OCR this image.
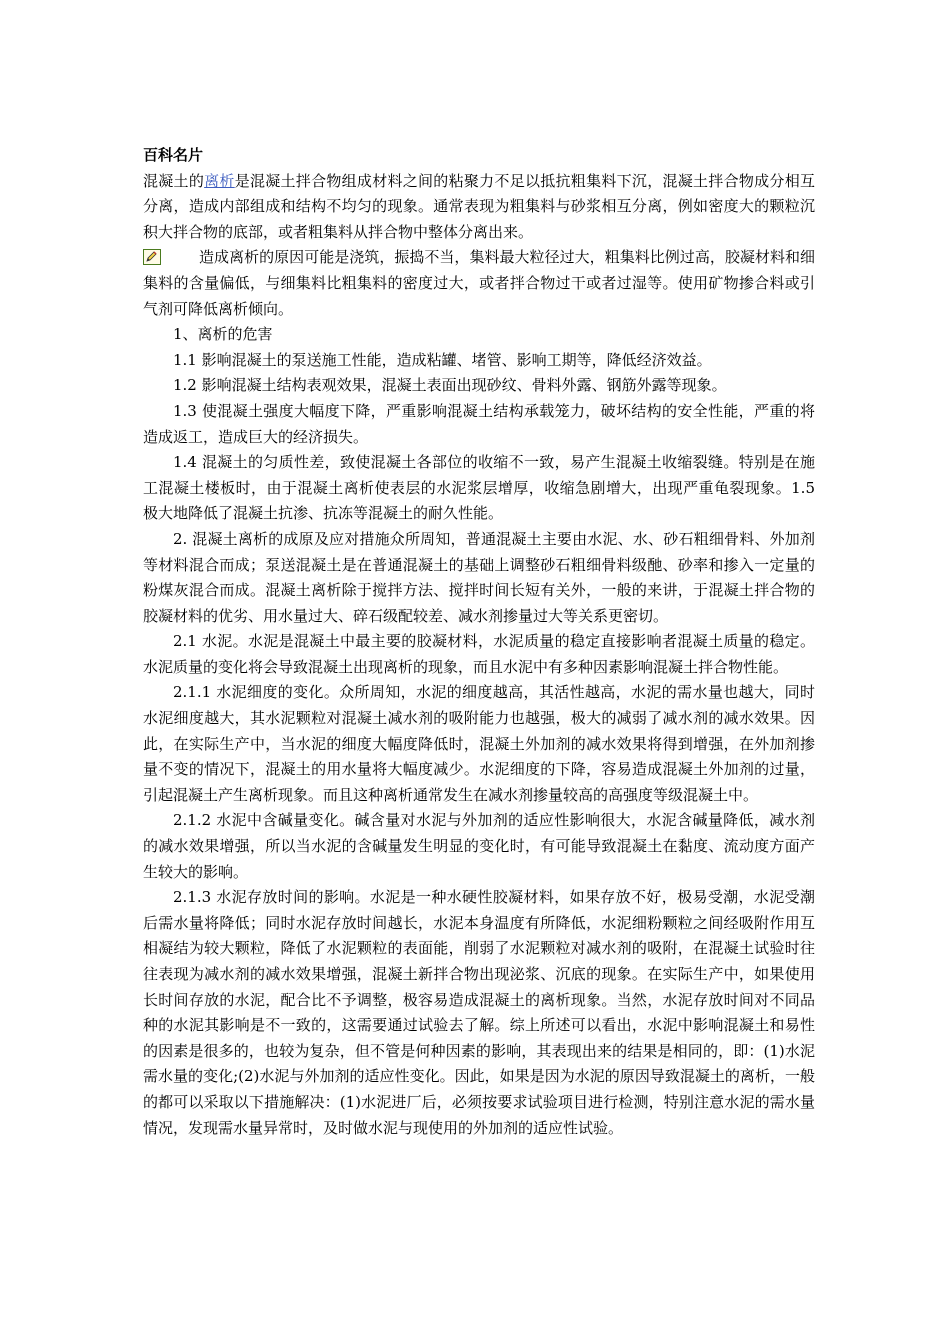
百科名片

混凝土的离析是混凝土拌合物组成材料之间的粘聚力不足以抵抗粗集料下沉，混凝土拌合物成分相互分离，造成内部组成和结构不均匀的现象。通常表现为粗集料与砂浆相互分离，例如密度大的颗粒沉积大拌合物的底部，或者粗集料从拌合物中整体分离出来。

造成离析的原因可能是浇筑，振捣不当，集料最大粒径过大，粗集料比例过高，胶凝材料和细集料的含量偏低，与细集料比粗集料的密度过大，或者拌合物过干或者过湿等。使用矿物掺合料或引气剂可降低离析倾向。

1、离析的危害

1.1 影响混凝土的泵送施工性能，造成粘罐、堵管、影响工期等，降低经济效益。

1.2 影响混凝土结构表观效果，混凝土表面出现砂纹、骨料外露、钢筋外露等现象。

1.3 使混凝土强度大幅度下降，严重影响混凝土结构承载笼力，破坏结构的安全性能，严重的将造成返工，造成巨大的经济损失。

1.4 混凝土的匀质性差，致使混凝土各部位的收缩不一致，易产生混凝土收缩裂缝。特别是在施工混凝土楼板时，由于混凝土离析使表层的水泥浆层增厚，收缩急剧增大，出现严重龟裂现象。1.5 极大地降低了混凝土抗渗、抗冻等混凝土的耐久性能。

2. 混凝土离析的成原及应对措施众所周知，普通混凝土主要由水泥、水、砂石粗细骨料、外加剂等材料混合而成；泵送混凝土是在普通混凝土的基础上调整砂石粗细骨料级酏、砂率和掺入一定量的粉煤灰混合而成。混凝土离析除于搅拌方法、搅拌时间长短有关外，一般的来讲，于混凝土拌合物的胶凝材料的优劣、用水量过大、碎石级配较差、减水剂掺量过大等关系更密切。

2.1 水泥。水泥是混凝土中最主要的胶凝材料，水泥质量的稳定直接影响者混凝土质量的稳定。水泥质量的变化将会导致混凝土出现离析的现象，而且水泥中有多种因素影响混凝土拌合物性能。

2.1.1 水泥细度的变化。众所周知，水泥的细度越高，其活性越高，水泥的需水量也越大，同时水泥细度越大，其水泥颗粒对混凝土减水剂的吸附能力也越强，极大的减弱了减水剂的减水效果。因此，在实际生产中，当水泥的细度大幅度降低时，混凝土外加剂的减水效果将得到增强，在外加剂掺量不变的情况下，混凝土的用水量将大幅度减少。水泥细度的下降，容易造成混凝土外加剂的过量，引起混凝土产生离析现象。而且这种离析通常发生在减水剂掺量较高的高强度等级混凝土中。

2.1.2 水泥中含碱量变化。碱含量对水泥与外加剂的适应性影响很大，水泥含碱量降低，减水剂的减水效果增强，所以当水泥的含碱量发生明显的变化时，有可能导致混凝土在黏度、流动度方面产生较大的影响。

2.1.3 水泥存放时间的影响。水泥是一种水硬性胶凝材料，如果存放不好，极易受潮，水泥受潮后需水量将降低；同时水泥存放时间越长，水泥本身温度有所降低，水泥细粉颗粒之间经吸附作用互相凝结为较大颗粒，降低了水泥颗粒的表面能，削弱了水泥颗粒对减水剂的吸附，在混凝土试验时往往表现为减水剂的减水效果增强，混凝土新拌合物出现泌浆、沉底的现象。在实际生产中，如果使用长时间存放的水泥，配合比不予调整，极容易造成混凝土的离析现象。当然，水泥存放时间对不同品种的水泥其影响是不一致的，这需要通过试验去了解。综上所述可以看出，水泥中影响混凝土和易性的因素是很多的，也较为复杂，但不管是何种因素的影响，其表现出来的结果是相同的，即：(1)水泥需水量的变化;(2)水泥与外加剂的适应性变化。因此，如果是因为水泥的原因导致混凝土的离析，一般的都可以采取以下措施解决：(1)水泥进厂后，必须按要求试验项目进行检测，特别注意水泥的需水量情况，发现需水量异常时，及时做水泥与现使用的外加剂的适应性试验。
